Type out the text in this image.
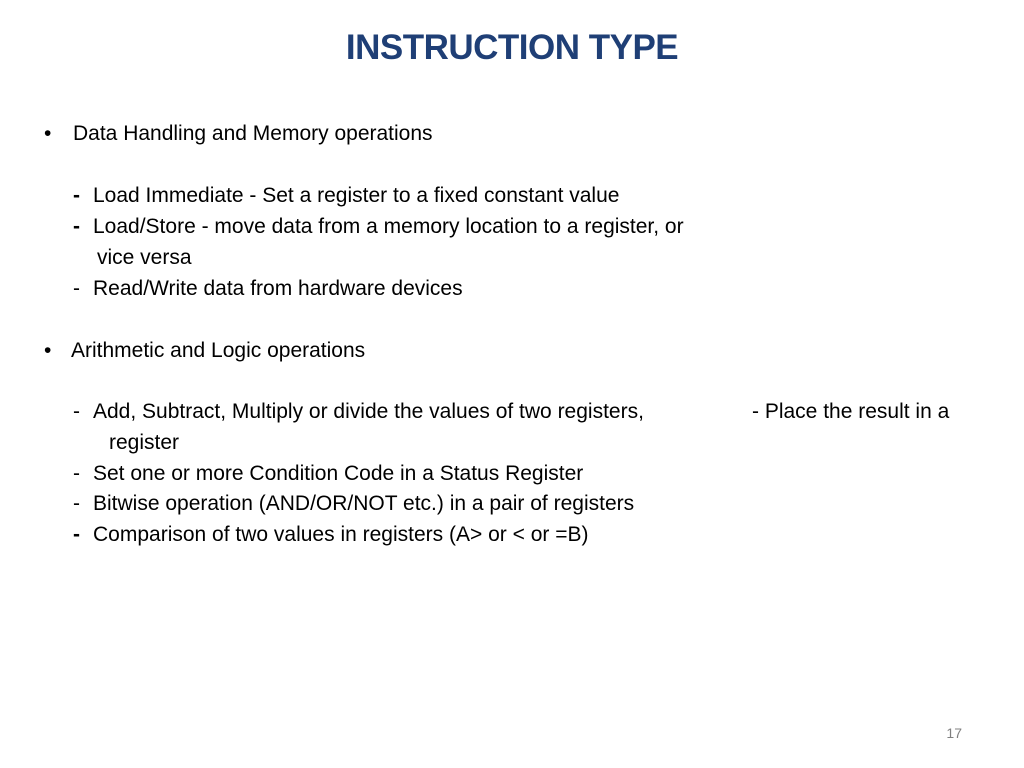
INSTRUCTION TYPE
• Data Handling and Memory operations
- Load Immediate - Set a register to a fixed constant value
- Load/Store - move data from a memory location to a register, or
vice versa
- Read/Write data from hardware devices
• Arithmetic and Logic operations
- Add, Subtract, Multiply or divide the values of two registers,	- Place the result in a
register
- Set one or more Condition Code in a Status Register
- Bitwise operation (AND/OR/NOT etc.) in a pair of registers
- Comparison of two values in registers (A> or < or =B)
17
